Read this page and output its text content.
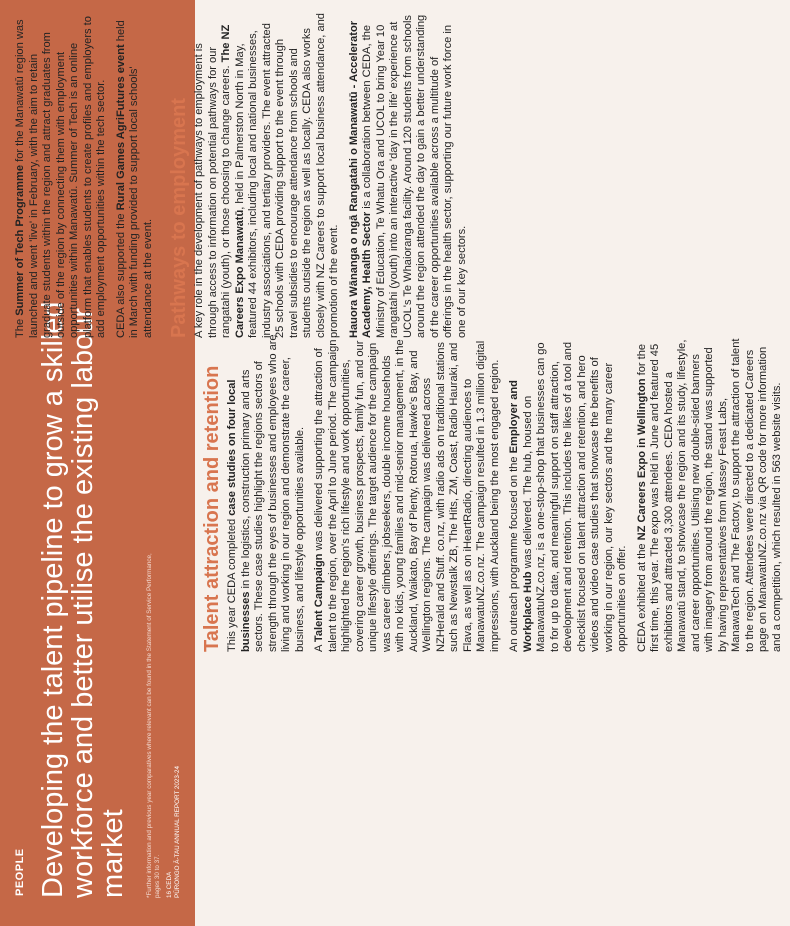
PEOPLE Developing the talent pipeline to grow a skilled workforce and better utilise the existing labour market	*Further information and previous year comparatives where relevant can be found in the Statement of Service Performance, pages 30 to 37. 16 CEDA PŪRONGO Ā-TAU ANNUAL REPORT 2023-24
Talent attraction and retention This year CEDA completed case studies on four local businesses in the logistics, construction primary and arts sectors. These case studies highlight the regions sectors of strength through the eyes of businesses and employees who are living and working in our region and demonstrate the career, business, and lifestyle opportunities available. A Talent Campaign was delivered supporting the attraction of talent to the region, over the April to June period. The campaign highlighted the region's rich lifestyle and work opportunities, covering career growth, business prospects, family fun, and our unique lifestyle offerings. The target audience for the campaign was career climbers, jobseekers, double income households with no kids, young families and mid-senior management, in the Auckland, Waikato, Bay of Plenty, Rotorua, Hawke's Bay, and Wellington regions. The campaign was delivered across NZHerald and Stuff. co.nz, with radio ads on traditional stations such as Newstalk ZB, The Hits, ZM, Coast, Radio Hauraki, and Flava, as well as on iHeartRadio, directing audiences to ManawatuNZ.co.nz. The campaign resulted in 1.3 million digital impressions, with Auckland being the most engaged region. An outreach programme focused on the Employer and Workplace Hub was delivered. The hub, housed on ManawatuNZ.co.nz, is a one-stop-shop that businesses can go to for up to date, and meaningful support on staff attraction, development and retention. This includes the likes of a tool and checklist focused on talent attraction and retention, and hero videos and video case studies that showcase the benefits of working in our region, our key sectors and the many career opportunities on offer. CEDA exhibited at the NZ Careers Expo in Wellington for the first time, this year. The expo was held in June and featured 45 exhibitors and attracted 3,300 attendees. CEDA hosted a Manawatū stand, to showcase the region and its study, lifestyle, and career opportunities. Utilising new double-sided banners with imagery from around the region, the stand was supported by having representatives from Massey Feast Labs, ManawaTech and The Factory, to support the attraction of talent to the region. Attendees were directed to a dedicated Careers page on ManawatuNZ.co.nz via QR code for more information and a competition, which resulted in 563 website visits.

The Summer of Tech Programme for the Manawatū region was launched and went 'live' in February, with the aim to retain graduate students within the region and attract graduates from outside of the region by connecting them with employment opportunities within Manawatū. Summer of Tech is an online platform that enables students to create profiles and employers to add employment opportunities within the tech sector. CEDA also supported the Rural Games AgriFutures event held in March with funding provided to support local schools' attendance at the event. Pathways to employment A key role in the development of pathways to employment is through access to information on potential pathways for our rangatahi (youth), or those choosing to change careers. The NZ Careers Expo Manawatū, held in Palmerston North in May, featured 44 exhibitors, including local and national businesses, industry associations, and tertiary providers. The event attracted 25 schools with CEDA providing support to the event through travel subsidies to encourage attendance from schools and students outside the region as well as locally. CEDA also works closely with NZ Careers to support local business attendance, and promotion of the event. Hauora Wānanga o ngā Rangatahi o Manawatū - Accelerator Academy, Health Sector is a collaboration between CEDA, the Ministry of Education, Te Whatu Ora and UCOL to bring Year 10 rangatahi (youth) into an interactive 'day in the life' experience at UCOL's Te Whaioranga facility. Around 120 students from schools around the region attended the day to gain a better understanding of the career opportunities available across a multitude of offerings in the health sector, supporting our future work force in one of our key sectors.
